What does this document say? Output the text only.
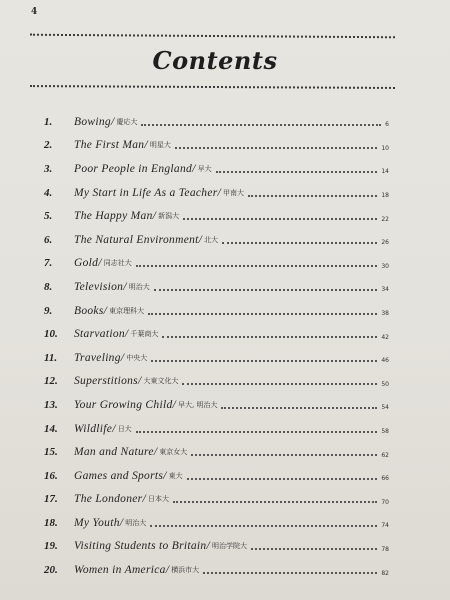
4
Contents
1.	Bowing / 慶応大	6
2.	The First Man / 明星大	10
3.	Poor People in England / 早大	14
4.	My Start in Life As a Teacher / 甲南大	18
5.	The Happy Man / 新潟大	22
6.	The Natural Environment / 北大	26
7.	Gold / 同志社大	30
8.	Television / 明治大	34
9.	Books / 東京理科大	38
10.	Starvation / 千葉商大	42
11.	Traveling / 中央大	46
12.	Superstitions / 大東文化大	50
13.	Your Growing Child / 早大, 明治大	54
14.	Wildlife / 日大	58
15.	Man and Nature / 東京女大	62
16.	Games and Sports / 東大	66
17.	The Londoner / 日本大	70
18.	My Youth / 明治大	74
19.	Visiting Students to Britain / 明治学院大	78
20.	Women in America / 横浜市大	82
